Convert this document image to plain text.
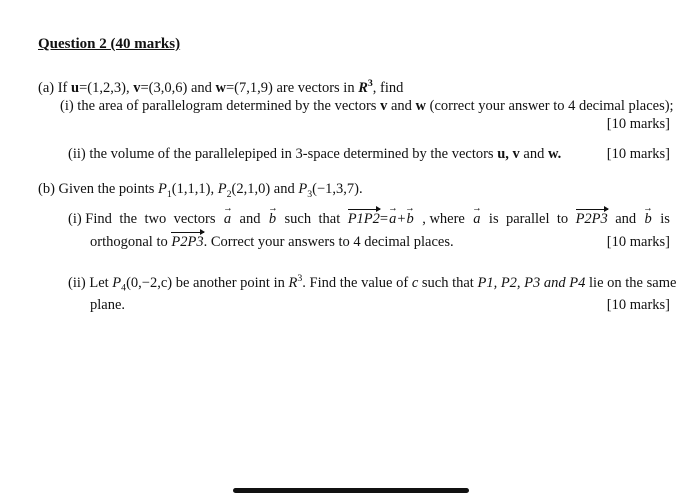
Question 2 (40 marks)
(a) If u=(1,2,3), v=(3,0,6) and w=(7,1,9) are vectors in $R^3$, find
(i) the area of parallelogram determined by the vectors v and w (correct your answer to 4 decimal places);
[10 marks]
(ii) the volume of the parallelepiped in 3-space determined by the vectors u, v and w.	[10 marks]
(b) Given the points $P_1(1,1,1)$, $P_2(2,1,0)$ and $P_3(-1,3,7)$.
(i) Find the two vectors → a and → b such that P1P2=→ a+→ b , where → a is parallel to P2P3 and → b is
orthogonal to P2P3. Correct your answers to 4 decimal places.	[10 marks]
(ii) Let $P_4(0,-2,c)$ be another point in $R^3$. Find the value of c such that P1, P2, P3 and P4 lie on the same
plane.	[10 marks]
